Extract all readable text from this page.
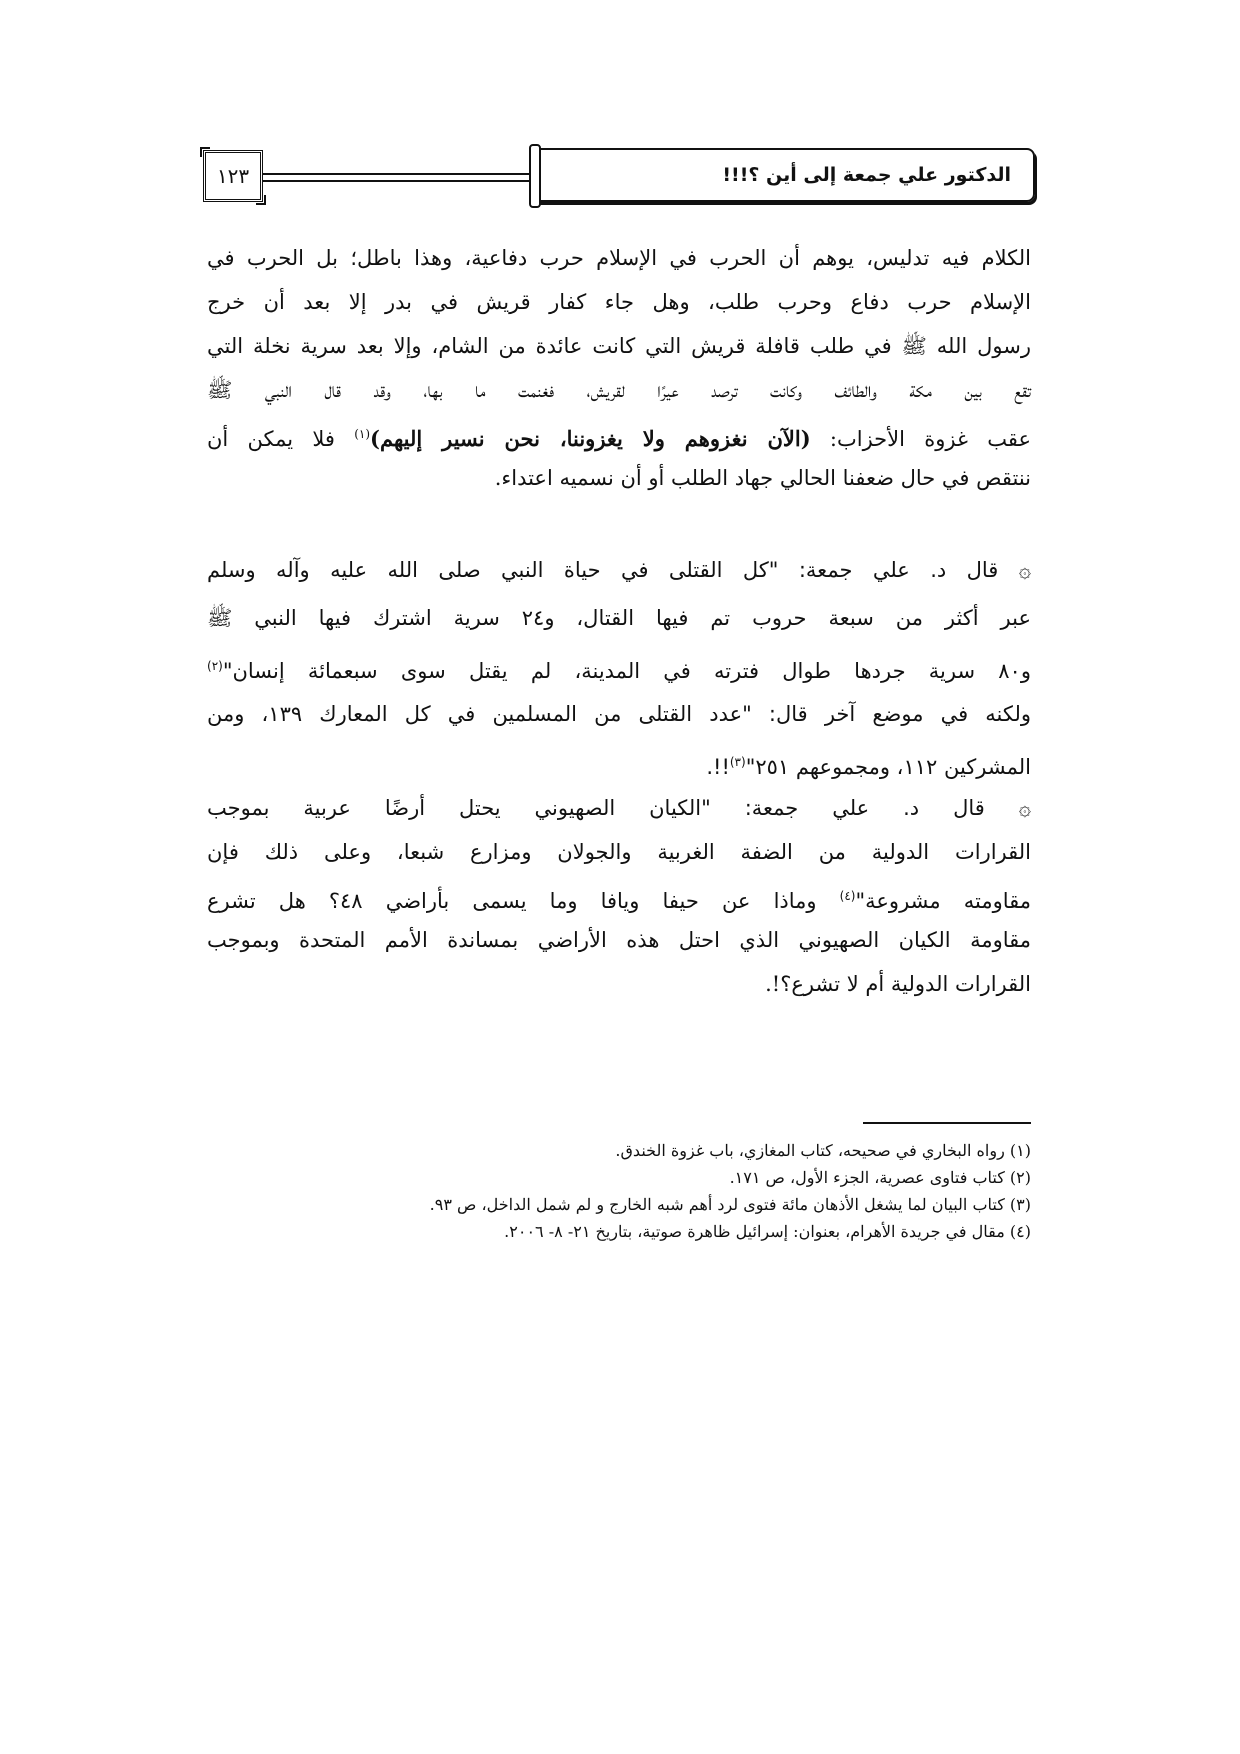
١٢٣	الدكتور علي جمعة إلى أين ؟!!!
الكلام فيه تدليس، يوهم أن الحرب في الإسلام حرب دفاعية، وهذا باطل؛ بل الحرب في
الإسلام حرب دفاع وحرب طلب، وهل جاء كفار قريش في بدر إلا بعد أن خرج
رسول الله ﷺ في طلب قافلة قريش التي كانت عائدة من الشام، وإلا بعد سرية نخلة التي
تقع بين مكة والطائف وكانت ترصد عيرًا لقريش، فغنمت ما بها، وقد قال النبي ﷺ
عقب غزوة الأحزاب: (الآن نغزوهم ولا يغزوننا، نحن نسير إليهم)$^{(١)}$ فلا يمكن أن
ننتقص في حال ضعفنا الحالي جهاد الطلب أو أن نسميه اعتداء.
۞ قال د. علي جمعة: "كل القتلى في حياة النبي صلى الله عليه وآله وسلم
عبر أكثر من سبعة حروب تم فيها القتال، و٢٤ سرية اشترك فيها النبي ﷺ
و٨٠ سرية جردها طوال فترته في المدينة، لم يقتل سوى سبعمائة إنسان"$^{(٢)}$
ولكنه في موضع آخر قال: "عدد القتلى من المسلمين في كل المعارك ١٣٩، ومن
المشركين ١١٢، ومجموعهم ٢٥١"$^{(٣)}$!!.
۞ قال د. علي جمعة: "الكيان الصهيوني يحتل أرضًا عربية بموجب
القرارات الدولية من الضفة الغربية والجولان ومزارع شبعا، وعلى ذلك فإن
مقاومته مشروعة"$^{(٤)}$ وماذا عن حيفا ويافا وما يسمى بأراضي ٤٨؟ هل تشرع
مقاومة الكيان الصهيوني الذي احتل هذه الأراضي بمساندة الأمم المتحدة وبموجب
القرارات الدولية أم لا تشرع؟!.
(١) رواه البخاري في صحيحه، كتاب المغازي، باب غزوة الخندق.
(٢) كتاب فتاوى عصرية، الجزء الأول، ص ١٧١.
(٣) كتاب البيان لما يشغل الأذهان مائة فتوى لرد أهم شبه الخارج و لم شمل الداخل، ص ٩٣.
(٤) مقال في جريدة الأهرام، بعنوان: إسرائيل ظاهرة صوتية، بتاريخ ٢١- ٨- ٢٠٠٦.
